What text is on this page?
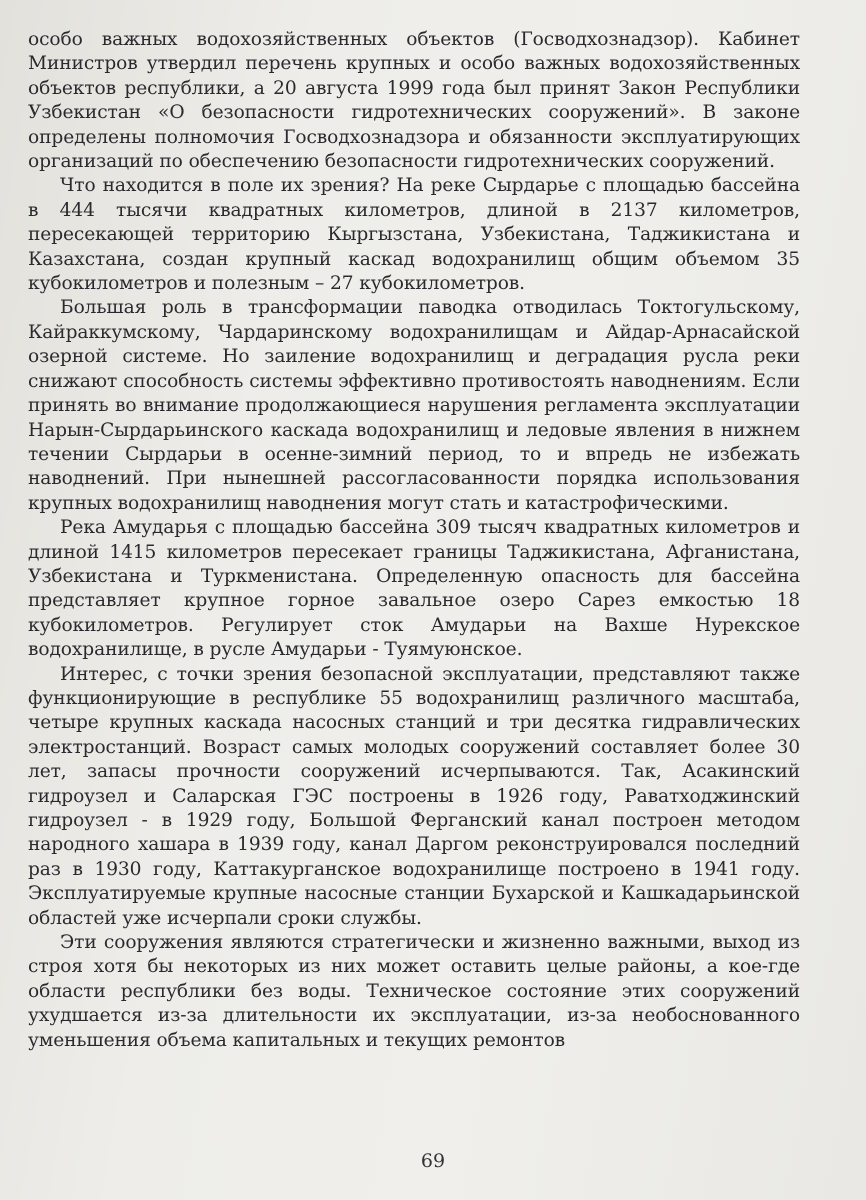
особо важных водохозяйственных объектов (Госводхознадзор). Кабинет Министров утвердил перечень крупных и особо важных водохозяйственных объектов республики, а 20 августа 1999 года был принят Закон Республики Узбекистан «О безопасности гидротехнических сооружений». В законе определены полномочия Госводхознадзора и обязанности эксплуатирующих организаций по обеспечению безопасности гидротехнических сооружений.

Что находится в поле их зрения? На реке Сырдарье с площадью бассейна в 444 тысячи квадратных километров, длиной в 2137 километров, пересекающей территорию Кыргызстана, Узбекистана, Таджикистана и Казахстана, создан крупный каскад водохранилищ общим объемом 35 кубокилометров и полезным – 27 кубокилометров.

Большая роль в трансформации паводка отводилась Токтогульскому, Кайраккумскому, Чардаринскому водохранилищам и Айдар-Арнасайской озерной системе. Но заиление водохранилищ и деградация русла реки снижают способность системы эффективно противостоять наводнениям. Если принять во внимание продолжающиеся нарушения регламента эксплуатации Нарын-Сырдарьинского каскада водохранилищ и ледовые явления в нижнем течении Сырдарьи в осенне-зимний период, то и впредь не избежать наводнений. При нынешней рассогласованности порядка использования крупных водохранилищ наводнения могут стать и катастрофическими.

Река Амударья с площадью бассейна 309 тысяч квадратных километров и длиной 1415 километров пересекает границы Таджикистана, Афганистана, Узбекистана и Туркменистана. Определенную опасность для бассейна представляет крупное горное завальное озеро Сарез емкостью 18 кубокилометров. Регулирует сток Амударьи на Вахше Нурекское водохранилище, в русле Амударьи - Туямуюнское.

Интерес, с точки зрения безопасной эксплуатации, представляют также функционирующие в республике 55 водохранилищ различного масштаба, четыре крупных каскада насосных станций и три десятка гидравлических электростанций. Возраст самых молодых сооружений составляет более 30 лет, запасы прочности сооружений исчерпываются. Так, Асакинский гидроузел и Саларская ГЭС построены в 1926 году, Раватходжинский гидроузел - в 1929 году, Большой Ферганский канал построен методом народного хашара в 1939 году, канал Даргом реконструировался последний раз в 1930 году, Каттакурганское водохранилище построено в 1941 году. Эксплуатируемые крупные насосные станции Бухарской и Кашкадарьинской областей уже исчерпали сроки службы.

Эти сооружения являются стратегически и жизненно важными, выход из строя хотя бы некоторых из них может оставить целые районы, а кое-где области республики без воды. Техническое состояние этих сооружений ухудшается из-за длительности их эксплуатации, из-за необоснованного уменьшения объема капитальных и текущих ремонтов

69
